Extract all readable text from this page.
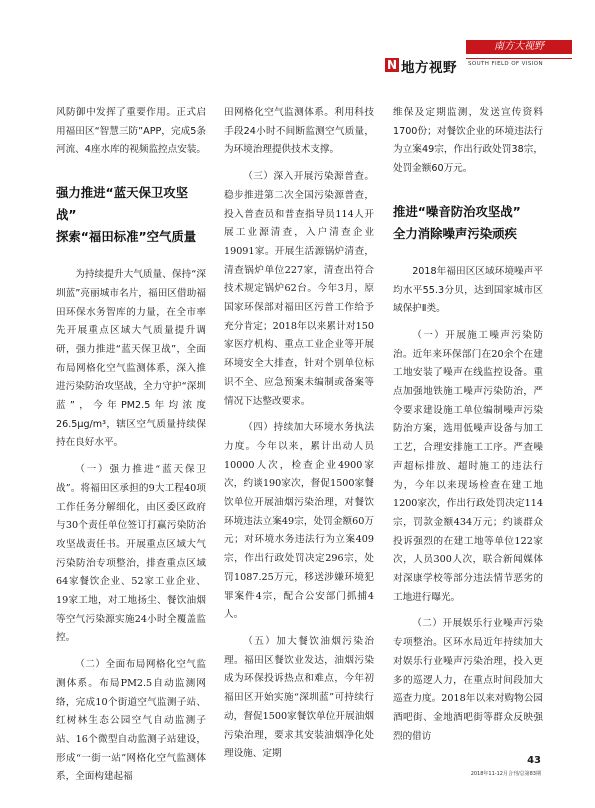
N 地方视野
南方大视野
SOUTH FIELD OF VISION

风防御中发挥了重要作用。正式启用福田区“智慧三防”APP，完成5条河流、4座水库的视频监控点安装。

强力推进“蓝天保卫攻坚战”

探索“福田标准”空气质量

为持续提升大气质量、保持“深圳蓝”亮丽城市名片，福田区借助福田环保水务智库的力量，在全市率先开展重点区域大气质量提升调研，强力推进“蓝天保卫战”，全面布局网格化空气监测体系，深入推进污染防治攻坚战，全力守护“深圳蓝”，今年PM2.5年均浓度26.5μg/m³，辖区空气质量持续保持在良好水平。

（一）强力推进“蓝天保卫战”。将福田区承担的9大工程40项工作任务分解细化，由区委区政府与30个责任单位签订打赢污染防治攻坚战责任书。开展重点区域大气污染防治专项整治，排查重点区域64家餐饮企业、52家工业企业、19家工地，对工地扬尘、餐饮油烟等空气污染源实施24小时全覆盖监控。

（二）全面布局网格化空气监测体系。布局PM2.5自动监测网络，完成10个街道空气监测子站、红树林生态公园空气自动监测子站、16个微型自动监测子站建设，形成“一街一站”网格化空气监测体系，全面构建起福

田网格化空气监测体系。利用科技手段24小时不间断监测空气质量，为环境治理提供技术支撑。

（三）深入开展污染源普查。稳步推进第二次全国污染源普查，投入普查员和普查指导员114人开展工业源清查，入户清查企业19091家。开展生活源锅炉清查，清查锅炉单位227家，清查出符合技术规定锅炉62台。今年3月，原国家环保部对福田区污普工作给予充分肯定；2018年以来累计对150家医疗机构、重点工业企业等开展环境安全大排查，针对个别单位标识不全、应急预案未编制或备案等情况下达整改要求。

（四）持续加大环境水务执法力度。今年以来，累计出动人员10000人次，检查企业4900家次，约谈190家次，督促1500家餐饮单位开展油烟污染治理，对餐饮环境违法立案49宗，处罚金额60万元；对环境水务违法行为立案409宗，作出行政处罚决定296宗，处罚1087.25万元，移送涉嫌环境犯罪案件4宗，配合公安部门抓捕4人。

（五）加大餐饮油烟污染治理。福田区餐饮业发达，油烟污染成为环保投诉热点和难点，今年初福田区开始实施“深圳蓝”可持续行动，督促1500家餐饮单位开展油烟污染治理，要求其安装油烟净化处理设施、定期

维保及定期监测，发送宣传资料1700份；对餐饮企业的环境违法行为立案49宗，作出行政处罚38宗，处罚金额60万元。

推进“噪音防治攻坚战”

全力消除噪声污染顽疾

2018年福田区区域环境噪声平均水平55.3分贝，达到国家城市区域保护Ⅱ类。

（一）开展施工噪声污染防治。近年来环保部门在20余个在建工地安装了噪声在线监控设备。重点加强地铁施工噪声污染防治，严令要求建设施工单位编制噪声污染防治方案，选用低噪声设备与加工工艺，合理安排施工工序。严查噪声超标排放、超时施工的违法行为，今年以来现场检查在建工地1200家次，作出行政处罚决定114宗，罚款金额434万元；约谈群众投诉强烈的在建工地等单位122家次，人员300人次，联合新闻媒体对深康学校等部分违法情节恶劣的工地进行曝光。

（二）开展娱乐行业噪声污染专项整治。区环水局近年持续加大对娱乐行业噪声污染治理，投入更多的巡逻人力，在重点时间段加大巡查力度。2018年以来对购物公园酒吧街、金地酒吧街等群众反映强烈的借访

43
2018年11-12月合刊/总第83期
